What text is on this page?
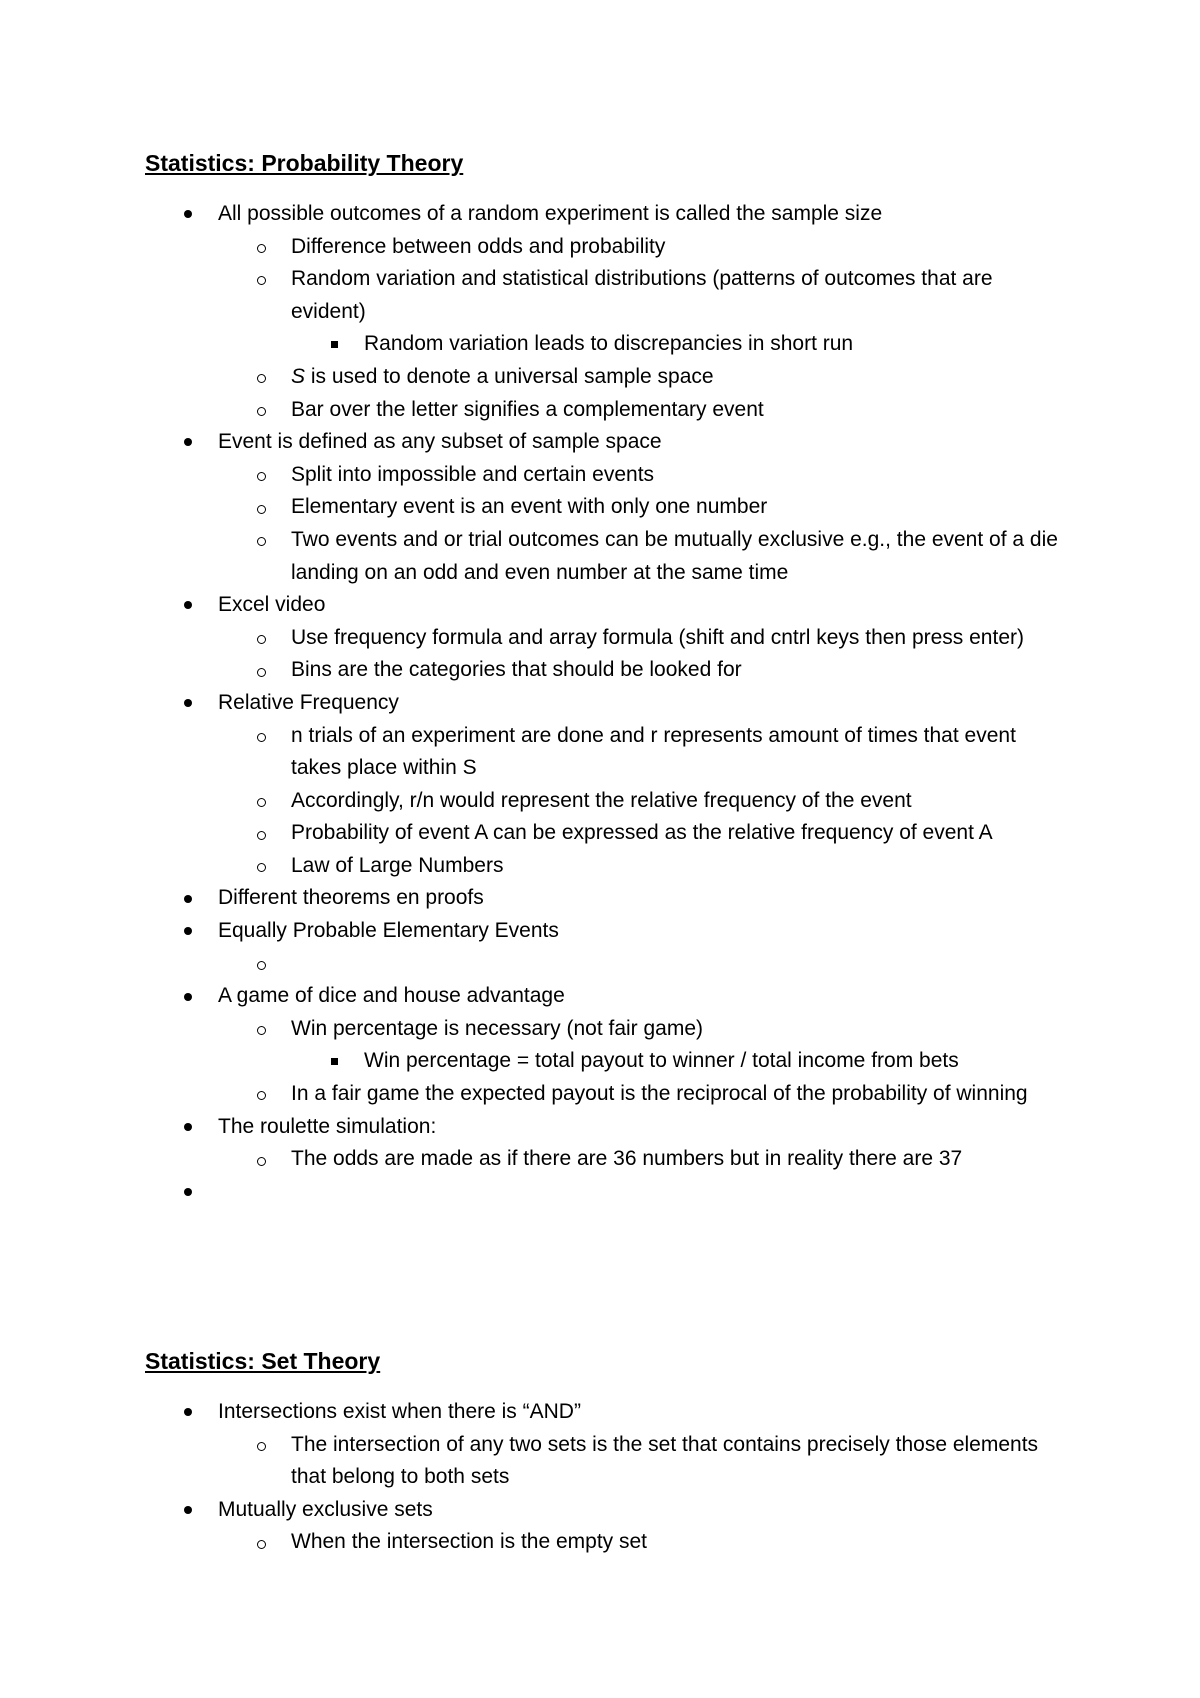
Statistics: Probability Theory
All possible outcomes of a random experiment is called the sample size
Difference between odds and probability
Random variation and statistical distributions (patterns of outcomes that are evident)
Random variation leads to discrepancies in short run
S is used to denote a universal sample space
Bar over the letter signifies a complementary event
Event is defined as any subset of sample space
Split into impossible and certain events
Elementary event is an event with only one number
Two events and or trial outcomes can be mutually exclusive e.g., the event of a die landing on an odd and even number at the same time
Excel video
Use frequency formula and array formula (shift and cntrl keys then press enter)
Bins are the categories that should be looked for
Relative Frequency
n trials of an experiment are done and r represents amount of times that event takes place within S
Accordingly, r/n would represent the relative frequency of the event
Probability of event A can be expressed as the relative frequency of event A
Law of Large Numbers
Different theorems en proofs
Equally Probable Elementary Events

A game of dice and house advantage
Win percentage is necessary (not fair game)
Win percentage = total payout to winner / total income from bets
In a fair game the expected payout is the reciprocal of the probability of winning
The roulette simulation:
The odds are made as if there are 36 numbers but in reality there are 37

Statistics: Set Theory
Intersections exist when there is “AND”
The intersection of any two sets is the set that contains precisely those elements that belong to both sets
Mutually exclusive sets
When the intersection is the empty set
